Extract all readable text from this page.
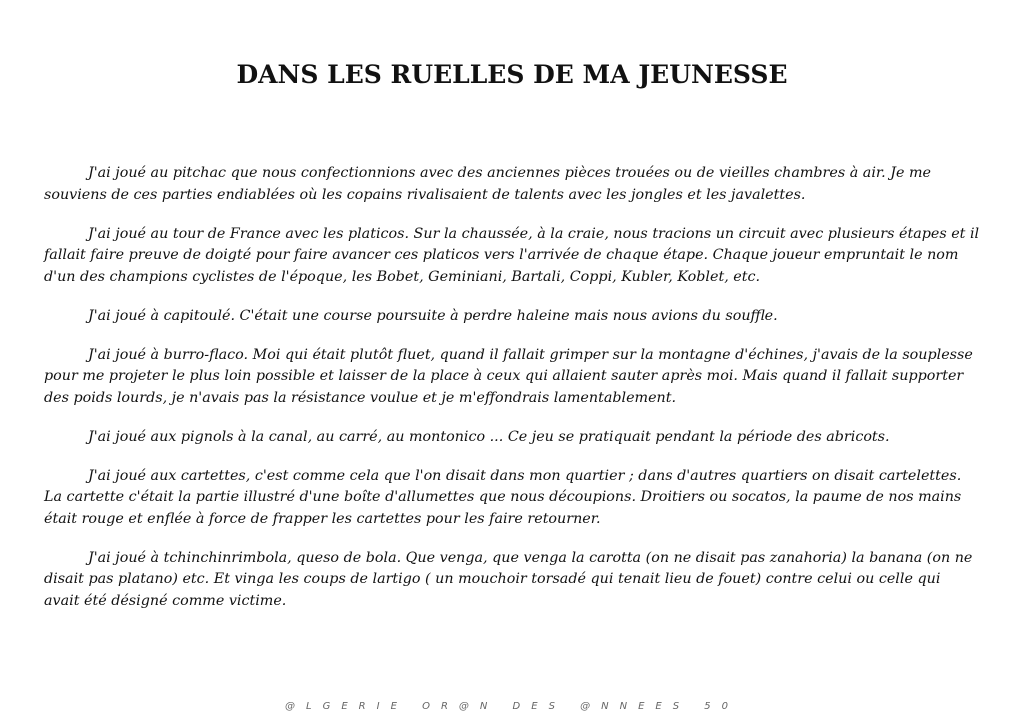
DANS LES RUELLES DE MA JEUNESSE

J'ai joué au pitchac que nous confectionnions avec des anciennes pièces trouées ou de vieilles chambres à air. Je me souviens de ces parties endiablées où les copains rivalisaient de talents avec les jongles et les javalettes.

J'ai joué au tour de France avec les platicos. Sur la chaussée, à la craie, nous tracions un circuit avec plusieurs étapes et il fallait faire preuve de doigté pour faire avancer ces platicos vers l'arrivée de chaque étape. Chaque joueur empruntait le nom d'un des champions cyclistes de l'époque, les Bobet, Geminiani, Bartali, Coppi, Kubler, Koblet, etc.

J'ai joué à capitoulé. C'était une course poursuite à perdre haleine mais nous avions du souffle.

J'ai joué à burro-flaco. Moi qui était plutôt fluet, quand il fallait grimper sur la montagne d'échines, j'avais de la souplesse pour me projeter le plus loin possible et laisser de la place à ceux qui allaient sauter après moi. Mais quand il fallait supporter des poids lourds, je n'avais pas la résistance voulue et je m'effondrais lamentablement.

J'ai joué aux pignols à la canal, au carré, au montonico ... Ce jeu se pratiquait pendant la période des abricots.

J'ai joué aux cartettes, c'est comme cela que l'on disait dans mon quartier ; dans d'autres quartiers on disait cartelettes. La cartette c'était la partie illustré d'une boîte d'allumettes que nous découpions. Droitiers ou socatos, la paume de nos mains était rouge et enflée à force de frapper les cartettes pour les faire retourner.

J'ai joué à tchinchinrimbola, queso de bola. Que venga, que venga la carotta (on ne disait pas zanahoria) la banana (on ne disait pas platano) etc. Et vinga les coups de lartigo ( un mouchoir torsadé qui tenait lieu de fouet) contre celui ou celle qui avait été désigné comme victime.

@LGERIE OR@N DES @NNEES 50
